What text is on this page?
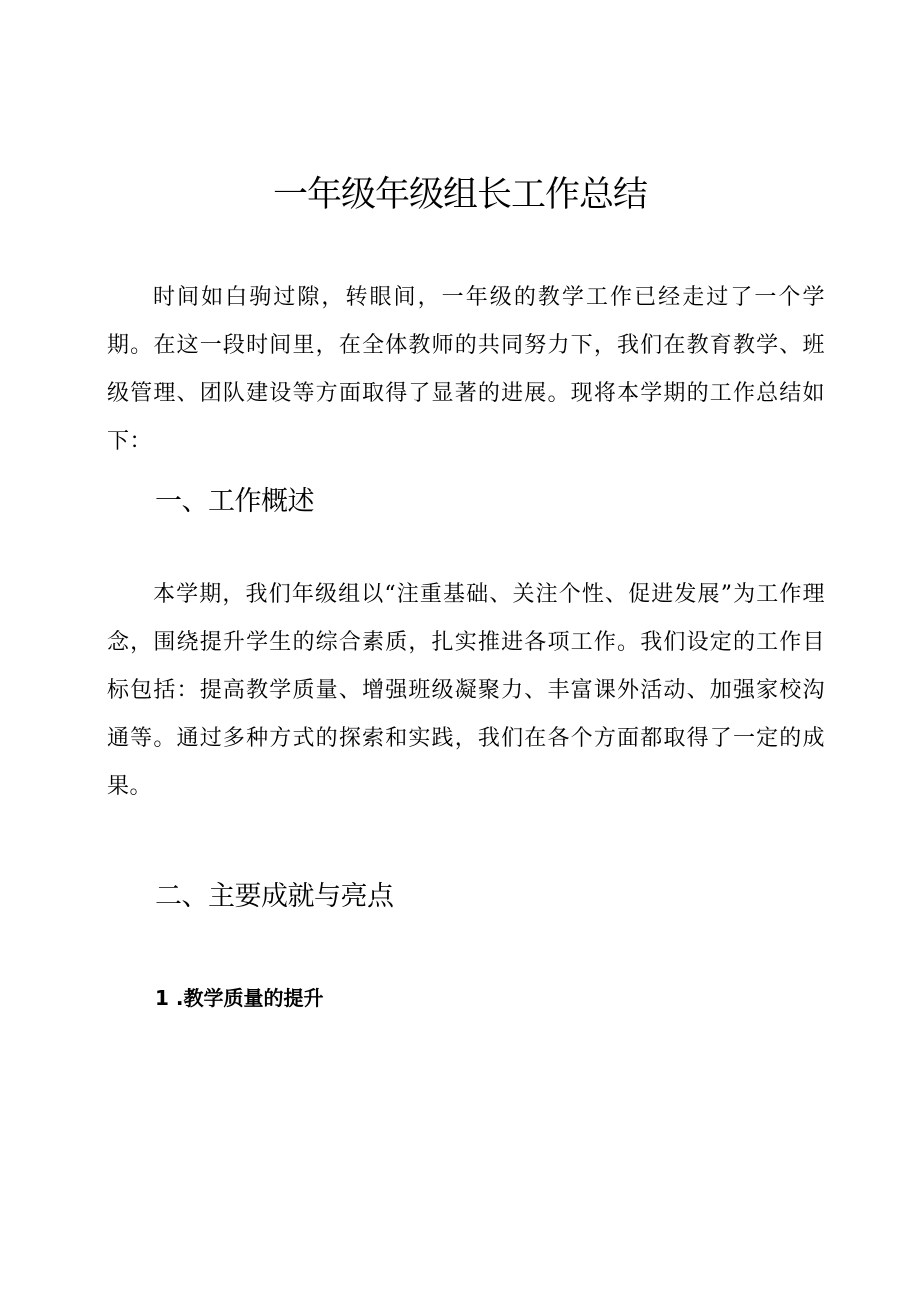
一年级年级组长工作总结

时间如白驹过隙，转眼间，一年级的教学工作已经走过了一个学期。在这一段时间里，在全体教师的共同努力下，我们在教育教学、班级管理、团队建设等方面取得了显著的进展。现将本学期的工作总结如下：

一、工作概述

本学期，我们年级组以“注重基础、关注个性、促进发展”为工作理念，围绕提升学生的综合素质，扎实推进各项工作。我们设定的工作目标包括：提高教学质量、增强班级凝聚力、丰富课外活动、加强家校沟通等。通过多种方式的探索和实践，我们在各个方面都取得了一定的成果。

二、主要成就与亮点
1 .教学质量的提升
